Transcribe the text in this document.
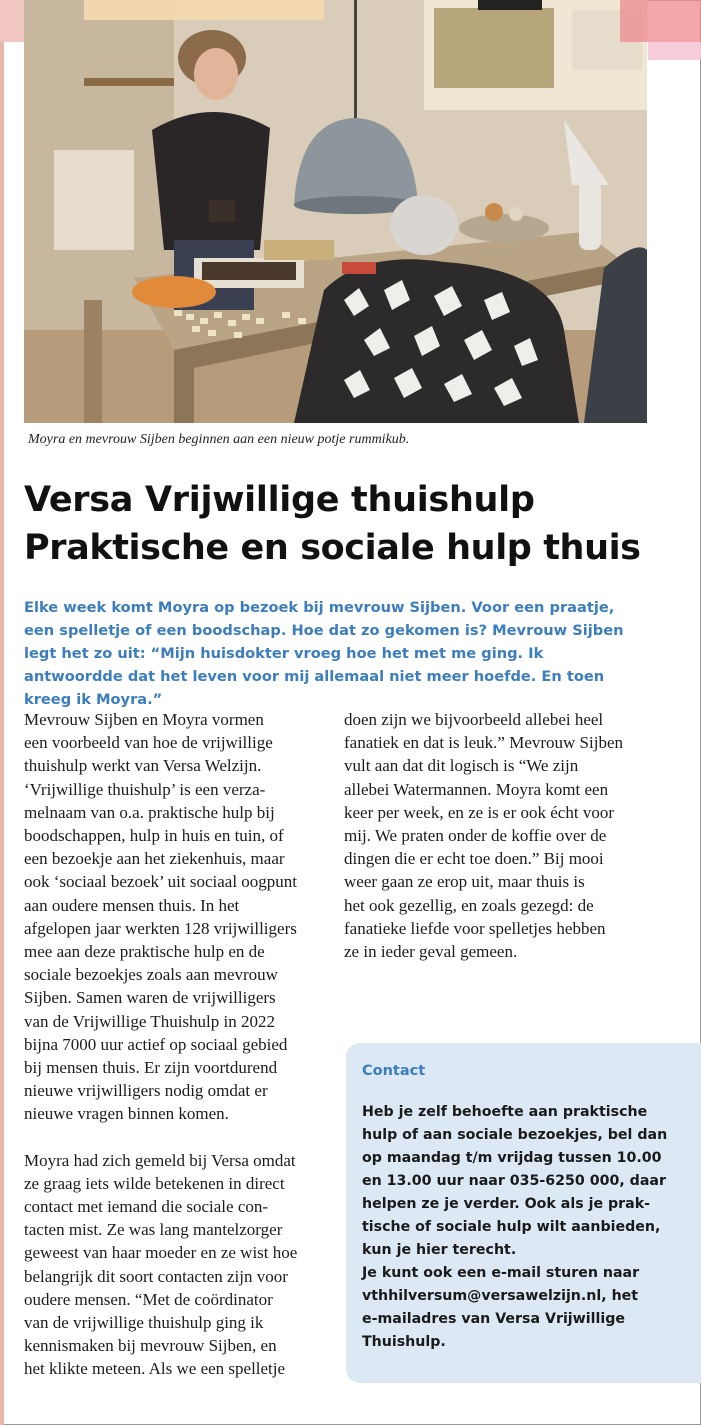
Moyra en mevrouw Sijben beginnen aan een nieuw potje rummikub.
Versa Vrijwillige thuishulp
Praktische en sociale hulp thuis

Elke week komt Moyra op bezoek bij mevrouw Sijben. Voor een praatje, een spelletje of een boodschap. Hoe dat zo gekomen is? Mevrouw Sijben legt het zo uit: “Mijn huisdokter vroeg hoe het met me ging. Ik antwoordde dat het leven voor mij allemaal niet meer hoefde. En toen kreeg ik Moyra.”

Mevrouw Sijben en Moyra vormen
een voorbeeld van hoe de vrijwillige
thuishulp werkt van Versa Welzijn.
‘Vrijwillige thuishulp’ is een verza-
melnaam van o.a. praktische hulp bij
boodschappen, hulp in huis en tuin, of
een bezoekje aan het ziekenhuis, maar
ook ‘sociaal bezoek’ uit sociaal oogpunt
aan oudere mensen thuis. In het
afgelopen jaar werkten 128 vrijwilligers
mee aan deze praktische hulp en de
sociale bezoekjes zoals aan mevrouw
Sijben. Samen waren de vrijwilligers
van de Vrijwillige Thuishulp in 2022
bijna 7000 uur actief op sociaal gebied
bij mensen thuis. Er zijn voortdurend
nieuwe vrijwilligers nodig omdat er
nieuwe vragen binnen komen.

Moyra had zich gemeld bij Versa omdat
ze graag iets wilde betekenen in direct
contact met iemand die sociale con-
tacten mist. Ze was lang mantelzorger
geweest van haar moeder en ze wist hoe
belangrijk dit soort contacten zijn voor
oudere mensen. “Met de coördinator
van de vrijwillige thuishulp ging ik
kennismaken bij mevrouw Sijben, en
het klikte meteen. Als we een spelletje

doen zijn we bijvoorbeeld allebei heel
fanatiek en dat is leuk.” Mevrouw Sijben
vult aan dat dit logisch is “We zijn
allebei Watermannen. Moyra komt een
keer per week, en ze is er ook écht voor
mij. We praten onder de koffie over de
dingen die er echt toe doen.” Bij mooi
weer gaan ze erop uit, maar thuis is
het ook gezellig, en zoals gezegd: de
fanatieke liefde voor spelletjes hebben
ze in ieder geval gemeen.

Contact
Heb je zelf behoefte aan praktische
hulp of aan sociale bezoekjes, bel dan
op maandag t/m vrijdag tussen 10.00
en 13.00 uur naar 035-6250 000, daar
helpen ze je verder. Ook als je prak-
tische of sociale hulp wilt aanbieden,
kun je hier terecht.
Je kunt ook een e-mail sturen naar
vthhilversum@versawelzijn.nl, het
e-mailadres van Versa Vrijwillige
Thuishulp.
